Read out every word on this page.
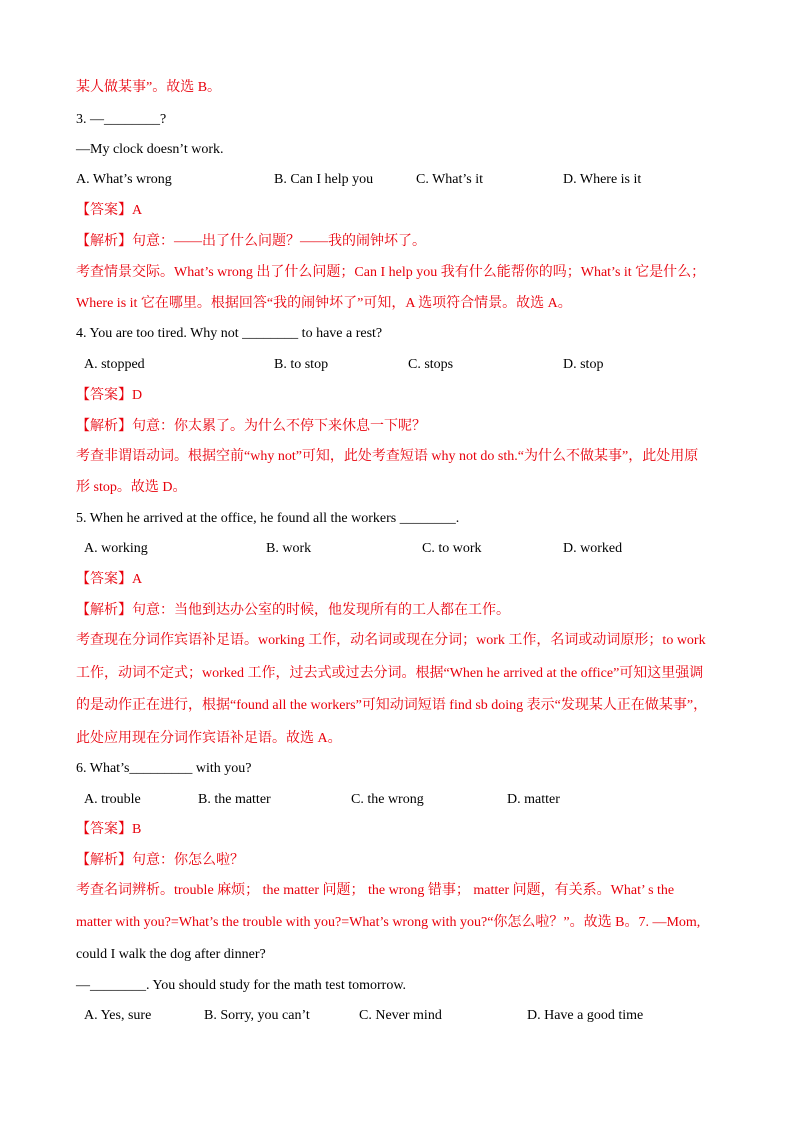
某人做某事”。故选 B。
3. —________?
—My clock doesn’t work.
A. What’s wrong	B. Can I help you	C. What’s it	D. Where is it
【答案】A
【解析】句意：——出了什么问题？——我的闹钟坏了。
考查情景交际。What’s wrong 出了什么问题；Can I help you 我有什么能帮你的吗；What’s it 它是什么；
Where is it 它在哪里。根据回答“我的闹钟坏了”可知，A 选项符合情景。故选 A。
4. You are too tired. Why not ________ to have a rest?
A. stopped	B. to stop	C. stops	D. stop
【答案】D
【解析】句意：你太累了。为什么不停下来休息一下呢？
考查非谓语动词。根据空前“why not”可知，此处考查短语 why not do sth.“为什么不做某事”，此处用原
形 stop。故选 D。
5. When he arrived at the office, he found all the workers ________.
A. working	B. work	C. to work	D. worked
【答案】A
【解析】句意：当他到达办公室的时候，他发现所有的工人都在工作。
考查现在分词作宾语补足语。working 工作，动名词或现在分词；work 工作，名词或动词原形；to work
工作，动词不定式；worked 工作，过去式或过去分词。根据“When he arrived at the office”可知这里强调
的是动作正在进行，根据“found all the workers”可知动词短语 find sb doing 表示“发现某人正在做某事”，
此处应用现在分词作宾语补足语。故选 A。
6. What’s_________ with you?
A. trouble	B. the matter	C. the wrong	D. matter
【答案】B
【解析】句意：你怎么啦？
考查名词辨析。trouble 麻烦； the matter 问题； the wrong 错事； matter 问题，有关系。What’ s the
matter with you?=What’s the trouble with you?=What’s wrong with you?“你怎么啦？”。故选 B。7. —Mom,
could I walk the dog after dinner?
—________. You should study for the math test tomorrow.
A. Yes, sure	B. Sorry, you can’t	C. Never mind	D. Have a good time
